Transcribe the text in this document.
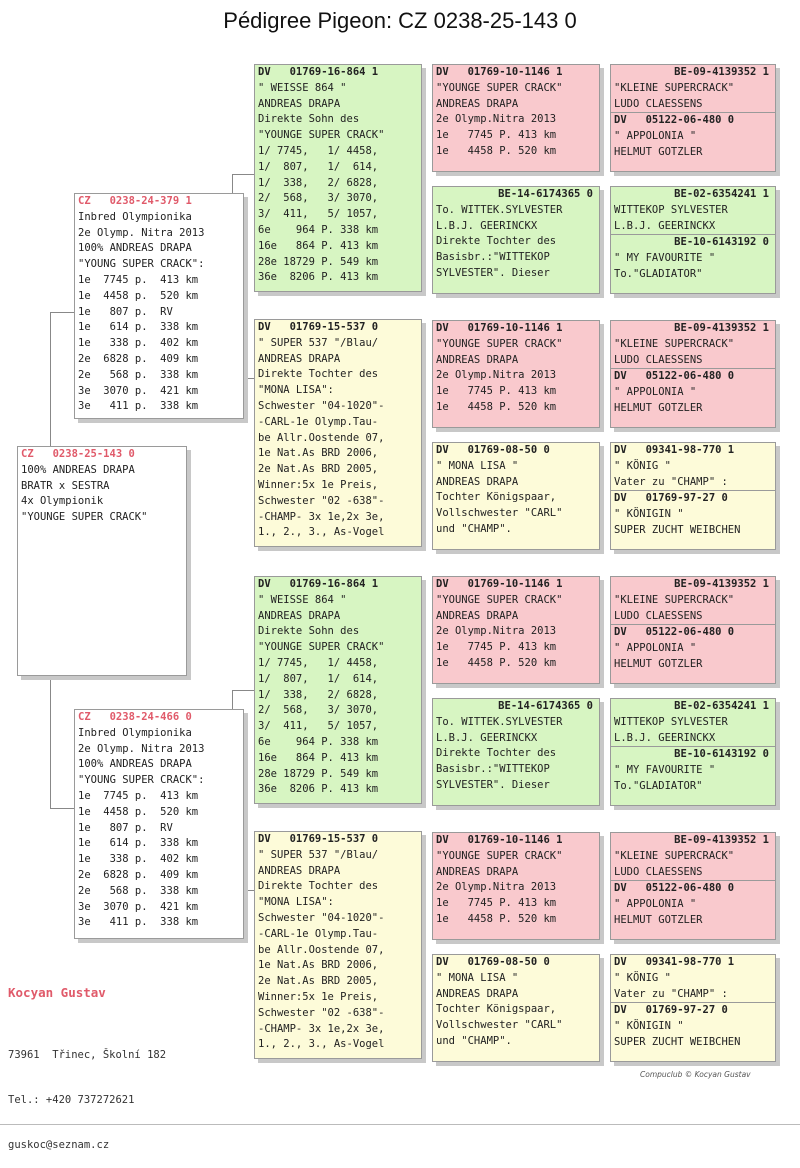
Pédigree Pigeon: CZ 0238-25-143 0
CZ   0238-25-143 0
100% ANDREAS DRAPA
BRATR x SESTRA
4x Olympionik
"YOUNGE SUPER CRACK"
CZ   0238-24-379 1
Inbred Olympionika
2e Olymp. Nitra 2013
100% ANDREAS DRAPA
"YOUNG SUPER CRACK":
1e  7745 p.  413 km
1e  4458 p.  520 km
1e   807 p.  RV
1e   614 p.  338 km
1e   338 p.  402 km
2e  6828 p.  409 km
2e   568 p.  338 km
3e  3070 p.  421 km
3e   411 p.  338 km
CZ   0238-24-466 0
Inbred Olympionika
2e Olymp. Nitra 2013
100% ANDREAS DRAPA
"YOUNG SUPER CRACK":
1e  7745 p.  413 km
1e  4458 p.  520 km
1e   807 p.  RV
1e   614 p.  338 km
1e   338 p.  402 km
2e  6828 p.  409 km
2e   568 p.  338 km
3e  3070 p.  421 km
3e   411 p.  338 km
DV   01769-16-864 1
" WEISSE 864 "
ANDREAS DRAPA
Direkte Sohn des
"YOUNGE SUPER CRACK"
1/ 7745,   1/ 4458,
1/  807,   1/  614,
1/  338,   2/ 6828,
2/  568,   3/ 3070,
3/  411,   5/ 1057,
6e    964 P. 338 km
16e   864 P. 413 km
28e 18729 P. 549 km
36e  8206 P. 413 km
DV   01769-15-537 0
" SUPER 537 "/Blau/
ANDREAS DRAPA
Direkte Tochter des
"MONA LISA":
Schwester "04-1020"-
-CARL-1e Olymp.Tau-
be Allr.Oostende 07,
1e Nat.As BRD 2006,
2e Nat.As BRD 2005,
Winner:5x 1e Preis,
Schwester "02 -638"-
-CHAMP- 3x 1e,2x 3e,
1., 2., 3., As-Vogel
DV   01769-16-864 1
" WEISSE 864 "
ANDREAS DRAPA
Direkte Sohn des
"YOUNGE SUPER CRACK"
1/ 7745,   1/ 4458,
1/  807,   1/  614,
1/  338,   2/ 6828,
2/  568,   3/ 3070,
3/  411,   5/ 1057,
6e    964 P. 338 km
16e   864 P. 413 km
28e 18729 P. 549 km
36e  8206 P. 413 km
DV   01769-15-537 0
" SUPER 537 "/Blau/
ANDREAS DRAPA
Direkte Tochter des
"MONA LISA":
Schwester "04-1020"-
-CARL-1e Olymp.Tau-
be Allr.Oostende 07,
1e Nat.As BRD 2006,
2e Nat.As BRD 2005,
Winner:5x 1e Preis,
Schwester "02 -638"-
-CHAMP- 3x 1e,2x 3e,
1., 2., 3., As-Vogel
DV   01769-10-1146 1
"YOUNGE SUPER CRACK"
ANDREAS DRAPA
2e Olymp.Nitra 2013
1e   7745 P. 413 km
1e   4458 P. 520 km
BE-14-6174365 0
To. WITTEK.SYLVESTER
L.B.J. GEERINCKX
Direkte Tochter des
Basisbr.:"WITTEKOP
SYLVESTER". Dieser
DV   01769-10-1146 1
"YOUNGE SUPER CRACK"
ANDREAS DRAPA
2e Olymp.Nitra 2013
1e   7745 P. 413 km
1e   4458 P. 520 km
DV   01769-08-50 0
" MONA LISA "
ANDREAS DRAPA
Tochter Königspaar,
Vollschwester "CARL"
und "CHAMP".
DV   01769-10-1146 1
"YOUNGE SUPER CRACK"
ANDREAS DRAPA
2e Olymp.Nitra 2013
1e   7745 P. 413 km
1e   4458 P. 520 km
BE-14-6174365 0
To. WITTEK.SYLVESTER
L.B.J. GEERINCKX
Direkte Tochter des
Basisbr.:"WITTEKOP
SYLVESTER". Dieser
DV   01769-10-1146 1
"YOUNGE SUPER CRACK"
ANDREAS DRAPA
2e Olymp.Nitra 2013
1e   7745 P. 413 km
1e   4458 P. 520 km
DV   01769-08-50 0
" MONA LISA "
ANDREAS DRAPA
Tochter Königspaar,
Vollschwester "CARL"
und "CHAMP".
BE-09-4139352 1
"KLEINE SUPERCRACK"
LUDO CLAESSENS
DV   05122-06-480 0
" APPOLONIA "
HELMUT GOTZLER
BE-02-6354241 1
WITTEKOP SYLVESTER
L.B.J. GEERINCKX
BE-10-6143192 0
" MY FAVOURITE "
To."GLADIATOR"
BE-09-4139352 1
"KLEINE SUPERCRACK"
LUDO CLAESSENS
DV   05122-06-480 0
" APPOLONIA "
HELMUT GOTZLER
DV   09341-98-770 1
" KÖNIG "
Vater zu "CHAMP" :
DV   01769-97-27 0
" KÖNIGIN "
SUPER ZUCHT WEIBCHEN
BE-09-4139352 1
"KLEINE SUPERCRACK"
LUDO CLAESSENS
DV   05122-06-480 0
" APPOLONIA "
HELMUT GOTZLER
BE-02-6354241 1
WITTEKOP SYLVESTER
L.B.J. GEERINCKX
BE-10-6143192 0
" MY FAVOURITE "
To."GLADIATOR"
BE-09-4139352 1
"KLEINE SUPERCRACK"
LUDO CLAESSENS
DV   05122-06-480 0
" APPOLONIA "
HELMUT GOTZLER
DV   09341-98-770 1
" KÖNIG "
Vater zu "CHAMP" :
DV   01769-97-27 0
" KÖNIGIN "
SUPER ZUCHT WEIBCHEN
Kocyan Gustav

73961  Třinec, Školní 182

Tel.: +420 737272621

guskoc@seznam.cz

Compuclub © Kocyan Gustav
